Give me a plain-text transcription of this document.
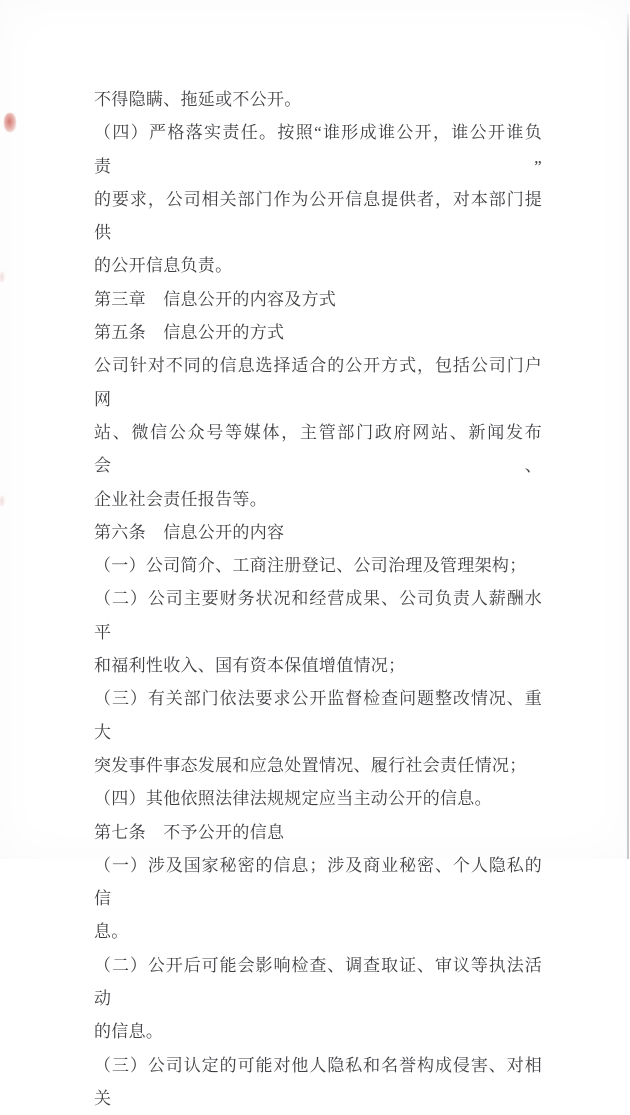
不得隐瞒、拖延或不公开。
（四）严格落实责任。按照“谁形成谁公开，谁公开谁负责”
的要求，公司相关部门作为公开信息提供者，对本部门提供
的公开信息负责。
第三章　信息公开的内容及方式
第五条　信息公开的方式
公司针对不同的信息选择适合的公开方式，包括公司门户网
站、微信公众号等媒体，主管部门政府网站、新闻发布会、
企业社会责任报告等。
第六条　信息公开的内容
（一）公司简介、工商注册登记、公司治理及管理架构；
（二）公司主要财务状况和经营成果、公司负责人薪酬水平
和福利性收入、国有资本保值增值情况；
（三）有关部门依法要求公开监督检查问题整改情况、重大
突发事件事态发展和应急处置情况、履行社会责任情况；
（四）其他依照法律法规规定应当主动公开的信息。
第七条　不予公开的信息
（一）涉及国家秘密的信息；涉及商业秘密、个人隐私的信
息。
（二）公开后可能会影响检查、调查取证、审议等执法活动
的信息。
（三）公司认定的可能对他人隐私和名誉构成侵害、对相关
